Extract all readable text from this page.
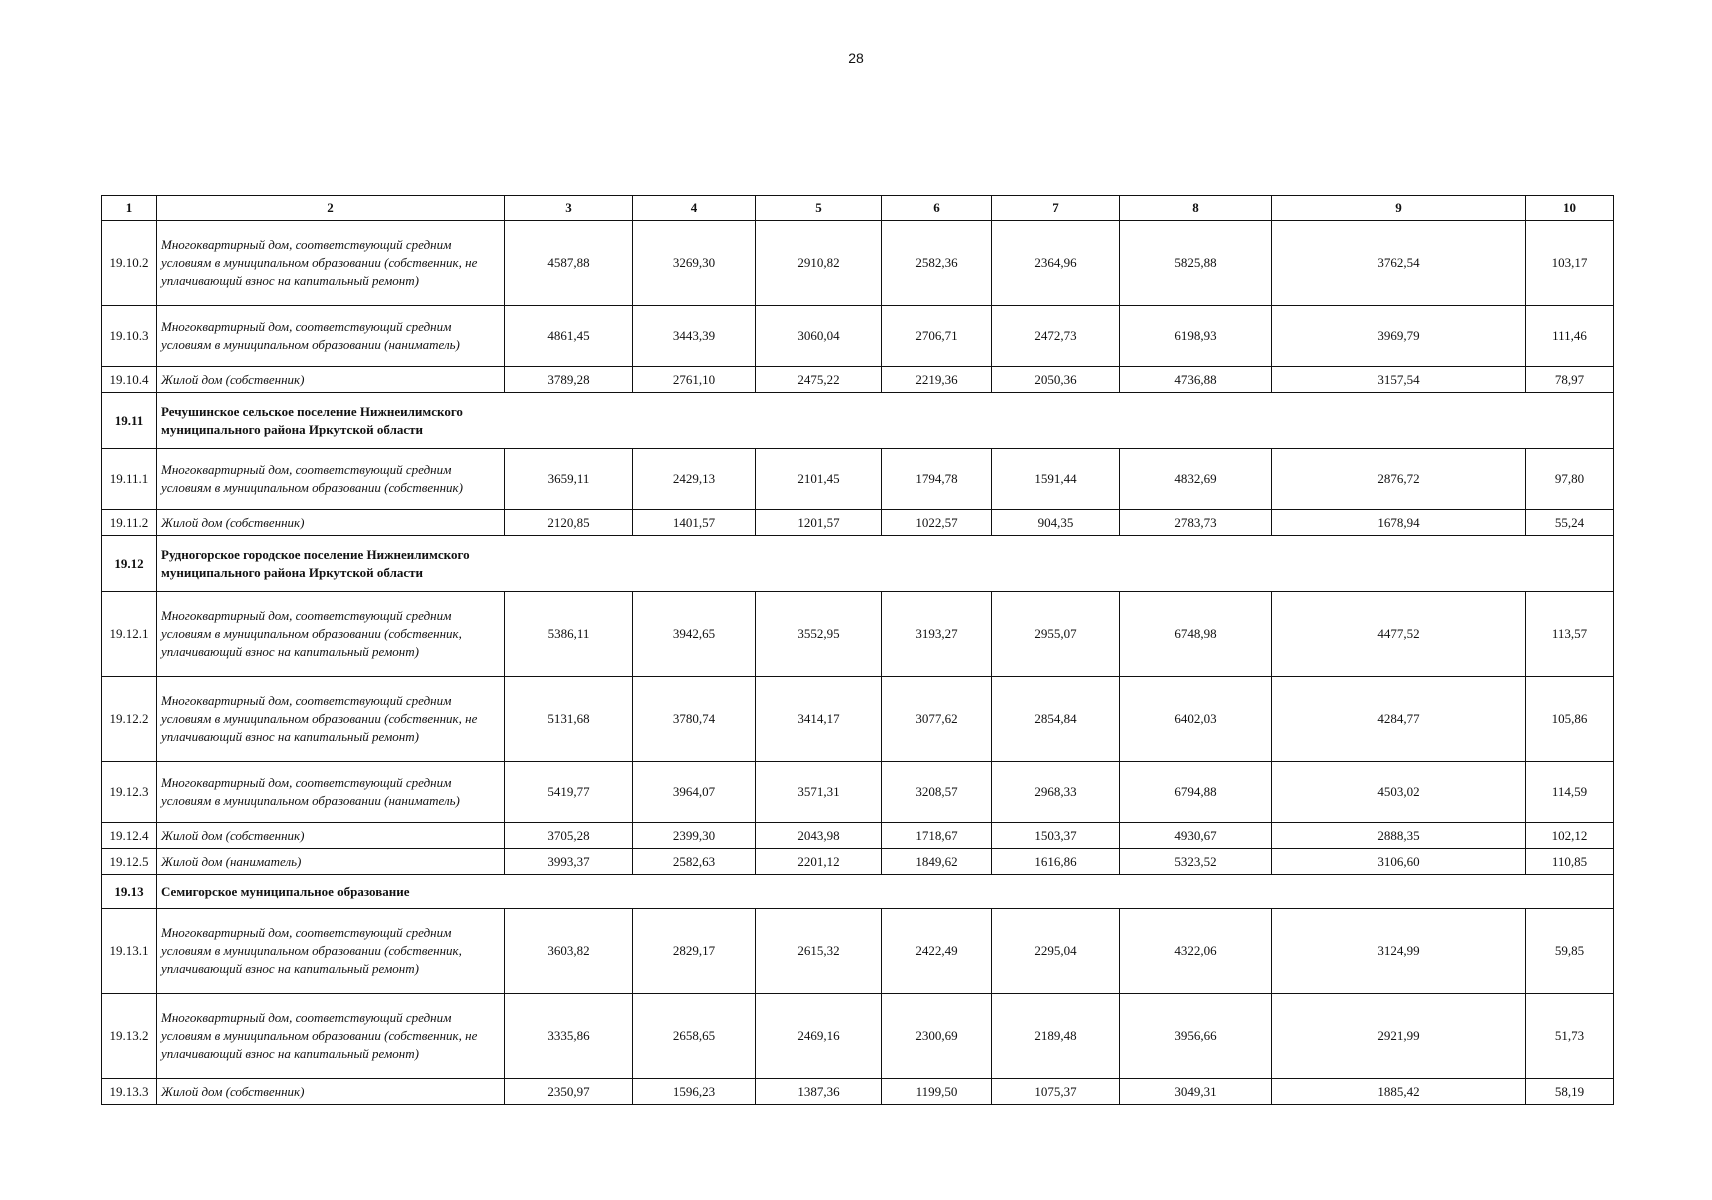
28
1	2	3	4	5	6	7	8	9	10
19.10.2	Многоквартирный дом, соответствующий средним условиям в муниципальном образовании (собственник, не уплачивающий взнос на капитальный ремонт)	4587,88	3269,30	2910,82	2582,36	2364,96	5825,88	3762,54	103,17
19.10.3	Многоквартирный дом, соответствующий средним условиям в муниципальном образовании (наниматель)	4861,45	3443,39	3060,04	2706,71	2472,73	6198,93	3969,79	111,46
19.10.4	Жилой дом (собственник)	3789,28	2761,10	2475,22	2219,36	2050,36	4736,88	3157,54	78,97
19.11	Речушинское сельское поселение Нижнеилимского муниципального района Иркутской области								

19.11.1	Многоквартирный дом, соответствующий средним условиям в муниципальном образовании (собственник)	3659,11	2429,13	2101,45	1794,78	1591,44	4832,69	2876,72	97,80
19.11.2	Жилой дом (собственник)	2120,85	1401,57	1201,57	1022,57	904,35	2783,73	1678,94	55,24
19.12	Рудногорское городское поселение Нижнеилимского муниципального района Иркутской области								

19.12.1	Многоквартирный дом, соответствующий средним условиям в муниципальном образовании (собственник, уплачивающий взнос на капитальный ремонт)	5386,11	3942,65	3552,95	3193,27	2955,07	6748,98	4477,52	113,57
19.12.2	Многоквартирный дом, соответствующий средним условиям в муниципальном образовании (собственник, не уплачивающий взнос на капитальный ремонт)	5131,68	3780,74	3414,17	3077,62	2854,84	6402,03	4284,77	105,86
19.12.3	Многоквартирный дом, соответствующий средним условиям в муниципальном образовании (наниматель)	5419,77	3964,07	3571,31	3208,57	2968,33	6794,88	4503,02	114,59
19.12.4	Жилой дом (собственник)	3705,28	2399,30	2043,98	1718,67	1503,37	4930,67	2888,35	102,12
19.12.5	Жилой дом (наниматель)	3993,37	2582,63	2201,12	1849,62	1616,86	5323,52	3106,60	110,85
19.13	Семигорское муниципальное образование								

19.13.1	Многоквартирный дом, соответствующий средним условиям в муниципальном образовании (собственник, уплачивающий взнос на капитальный ремонт)	3603,82	2829,17	2615,32	2422,49	2295,04	4322,06	3124,99	59,85
19.13.2	Многоквартирный дом, соответствующий средним условиям в муниципальном образовании (собственник, не уплачивающий взнос на капитальный ремонт)	3335,86	2658,65	2469,16	2300,69	2189,48	3956,66	2921,99	51,73
19.13.3	Жилой дом (собственник)	2350,97	1596,23	1387,36	1199,50	1075,37	3049,31	1885,42	58,19
